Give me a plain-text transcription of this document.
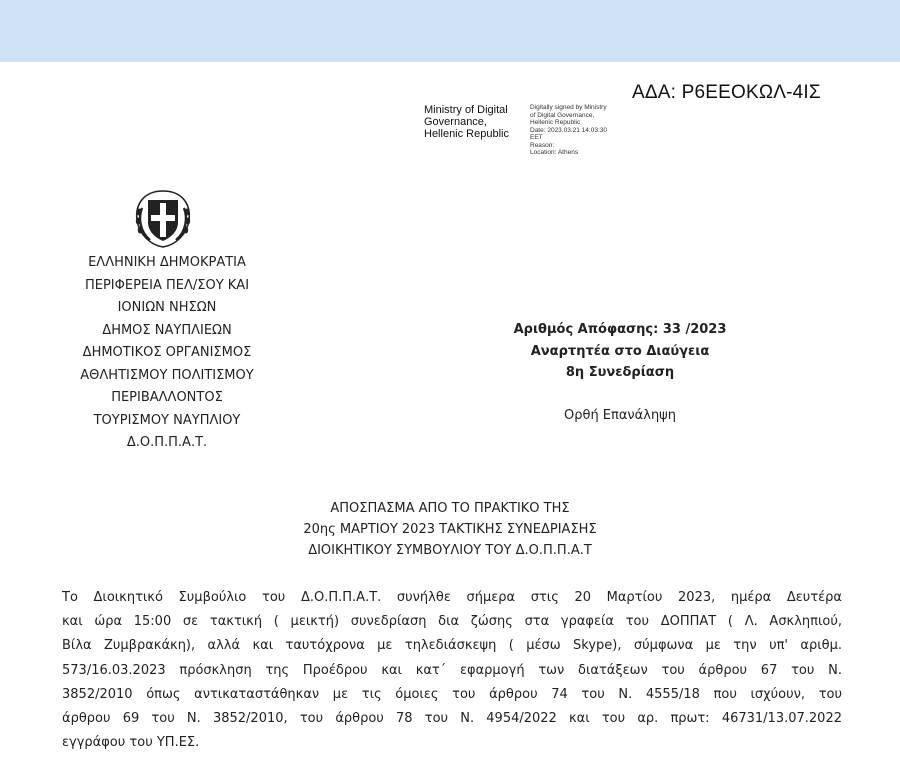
ΑΔΑ: Ρ6ΕΕΟΚΩΛ-4ΙΣ
Ministry of Digital
Governance,
Hellenic Republic
Digitally signed by Ministry
of Digital Governance,
Hellenic Republic
Date: 2023.03.21 14:03:30
EET
Reason:
Location: Athens
ΕΛΛΗΝΙΚΗ ΔΗΜΟΚΡΑΤΙΑ
ΠΕΡΙΦΕΡΕΙΑ ΠΕΛ/ΣΟΥ ΚΑΙ
ΙΟΝΙΩΝ ΝΗΣΩΝ
ΔΗΜΟΣ ΝΑΥΠΛΙΕΩΝ
ΔΗΜΟΤΙΚΟΣ ΟΡΓΑΝΙΣΜΟΣ
ΑΘΛΗΤΙΣΜΟΥ ΠΟΛΙΤΙΣΜΟΥ
ΠΕΡΙΒΑΛΛΟΝΤΟΣ
ΤΟΥΡΙΣΜΟΥ ΝΑΥΠΛΙΟΥ
Δ.Ο.Π.Π.Α.Τ.
Αριθμός Απόφασης: 33 /2023
Αναρτητέα στο Διαύγεια
8η Συνεδρίαση
Ορθή Επανάληψη
ΑΠΟΣΠΑΣΜΑ ΑΠΟ ΤΟ ΠΡΑΚΤΙΚΟ ΤΗΣ
20ης ΜΑΡΤΙΟΥ 2023 ΤΑΚΤΙΚΗΣ ΣΥΝΕΔΡΙΑΣΗΣ
ΔΙΟΙΚΗΤΙΚΟΥ ΣΥΜΒΟΥΛΙΟΥ ΤΟΥ Δ.Ο.Π.Π.Α.Τ
Το Διοικητικό Συμβούλιο του Δ.Ο.Π.Π.Α.Τ. συνήλθε σήμερα στις 20 Μαρτίου 2023, ημέρα Δευτέρα
και ώρα 15:00 σε τακτική ( μεικτή) συνεδρίαση δια ζώσης στα γραφεία του ΔΟΠΠΑΤ ( Λ. Ασκληπιού,
Βίλα Ζυμβρακάκη), αλλά και ταυτόχρονα με τηλεδιάσκεψη ( μέσω Skype), σύμφωνα με την υπ' αριθμ.
573/16.03.2023 πρόσκληση της Προέδρου και κατ΄ εφαρμογή των διατάξεων του άρθρου 67 του Ν.
3852/2010 όπως αντικαταστάθηκαν με τις όμοιες του άρθρου 74 του Ν. 4555/18 που ισχύουν, του
άρθρου 69 του Ν. 3852/2010, του άρθρου 78 του Ν. 4954/2022 και του αρ. πρωτ: 46731/13.07.2022
εγγράφου του ΥΠ.ΕΣ.
